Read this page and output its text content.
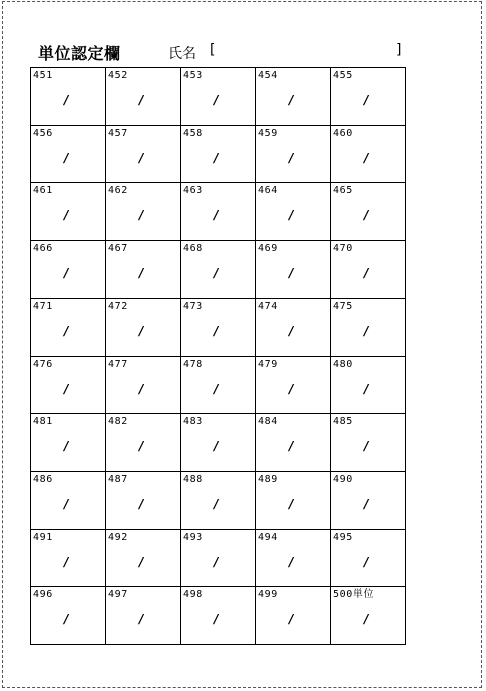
単位認定欄	氏名 [	]
451
/
452
/
453
/
454
/
455
/
456
/
457
/
458
/
459
/
460
/
461
/
462
/
463
/
464
/
465
/
466
/
467
/
468
/
469
/
470
/
471
/
472
/
473
/
474
/
475
/
476
/
477
/
478
/
479
/
480
/
481
/
482
/
483
/
484
/
485
/
486
/
487
/
488
/
489
/
490
/
491
/
492
/
493
/
494
/
495
/
496
/
497
/
498
/
499
/
500単位
/
